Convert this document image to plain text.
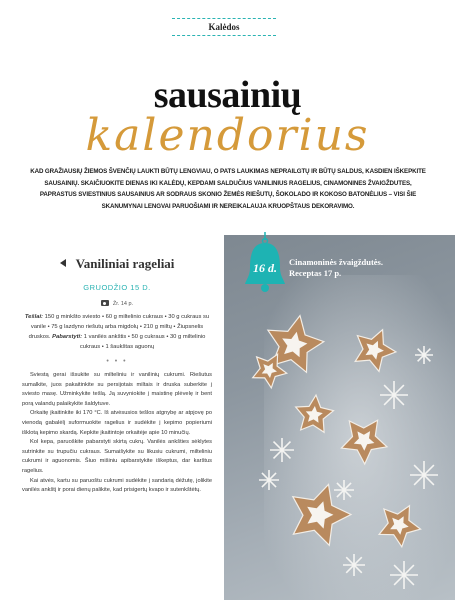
Kalėdos
sausainių
kalendorius
KAD GRAŽIAUSIŲ ŽIEMOS ŠVENČIŲ LAUKTI BŪTŲ LENGVIAU, O PATS LAUKIMAS NEPRAILGTŲ IR BŪTŲ SALDUS, KASDIEN IŠKEPKITE SAUSAINIŲ. SKAIČIUOKITE DIENAS IKI KALĖDŲ, KEPDAMI SALDUČIUS VANILINIUS RAGELIUS, CINAMONINES ŽVAIGŽDUTES, PAPRASTUS SVIESTINIUS SAUSAINIUS AR SODRAUS SKONIO ŽEMĖS RIEŠUTŲ, ŠOKOLADO IR KOKOSO BATONĖLIUS – VISI ŠIE SKANUMYNAI LENGVAI PARUOŠIAMI IR NEREIKALAUJA KRUOPŠTAUS DEKORAVIMO.
Vaniliniai rageliai
GRUODŽIO 15 D.
Žr. 14 p.
Tešlai: 150 g minkšto sviesto • 60 g miltelinio cukraus • 30 g cukraus su vanile • 75 g lazdyno riešutų arba migdolų • 210 g miltų • Žiupsnelis druskos. Pabarstyti: 1 vanilės ankštis • 50 g cukraus • 30 g miltelinio cukraus • 1 šaukštas aguonų
• • •

Sviestą gerai išsukite su milteliniu ir vanilinių cukrumi. Riešutus sumalkite, juos pakaitinkite su persijotais miltais ir druska suberkite į sviesto masę. Užminkykite tešlą. Ją suvyniokite į maistinę plėvelę ir bent porą valandų palaikykite šaldytuve.

Orkaitę įkaitinkite iki 170 °C. Iš atvėsusios tešlos atgnybę ar atpjovę po vienodą gabalėlį suformuokite ragelius ir sudėkite į kepimo popieriumi išklotą kepimo skardą. Kepkite įkaitintoje orkaitėje apie 10 minučių.

Kol kepa, paruoškite pabarstyti skirtą cukrų. Vanilės ankšties sėklytes sutrinkite su trupučiu cukraus. Sumaišykite su likusiu cukrumi, milteliniu cukrumi ir aguonomis. Šiuo mišiniu apibarstykite iškeptus, dar karštus ragelius.

Kai atvės, kartu su paruoštu cukrumi sudėkite į sandarią dėžutę, jolikite vanilės ankštį ir porai dienų palikite, kad prisigertų kvapo ir sutenkštėtų.

16 d. Cinamoninės žvaigždutės.
Receptas 17 p.
